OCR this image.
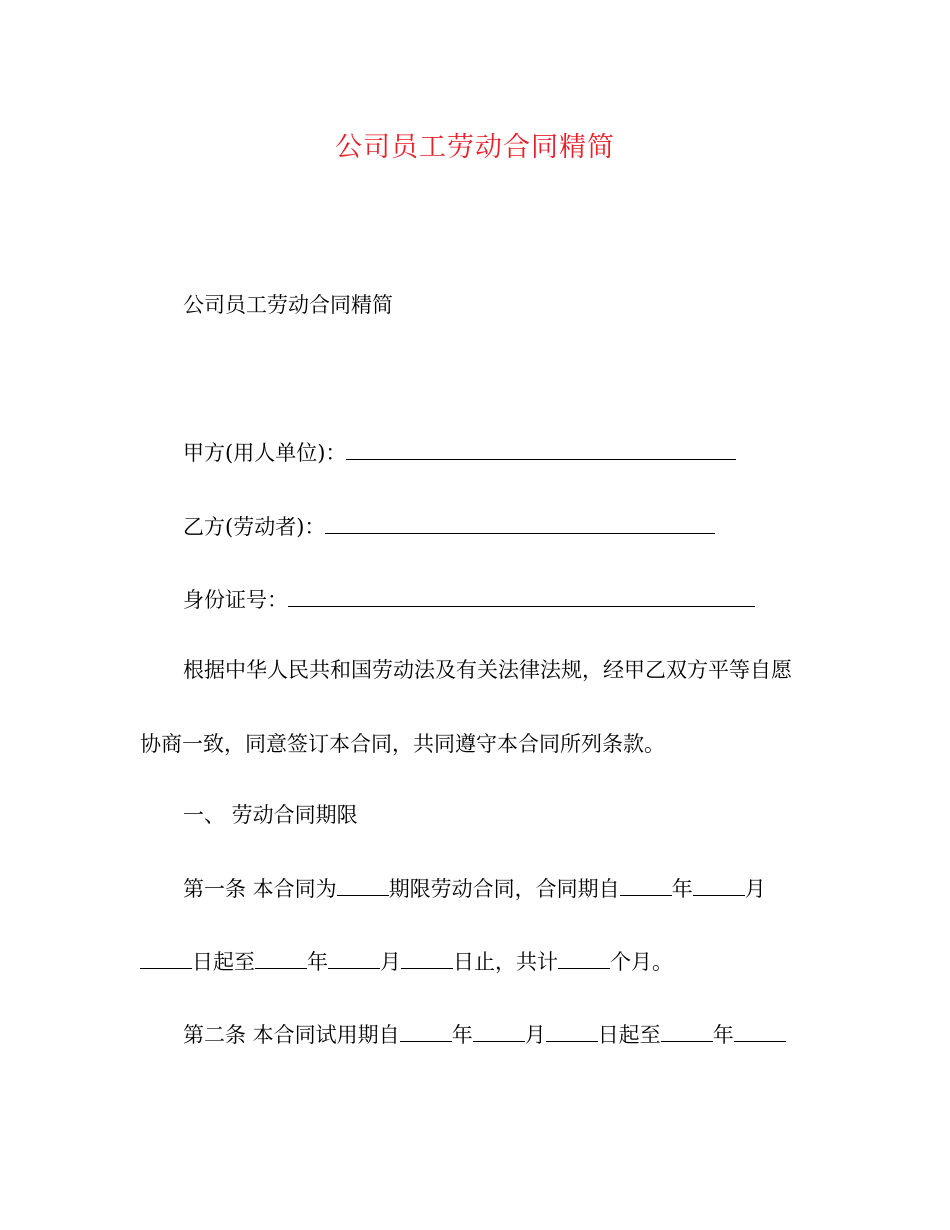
公司员工劳动合同精简
公司员工劳动合同精简
甲方(用人单位)：
乙方(劳动者)：
身份证号：
根据中华人民共和国劳动法及有关法律法规，经甲乙双方平等自愿
协商一致，同意签订本合同，共同遵守本合同所列条款。
一、 劳动合同期限
第一条 本合同为 期限劳动合同，合同期自 年 月
日起至 年 月 日止，共计 个月。
第二条 本合同试用期自 年 月 日起至 年
